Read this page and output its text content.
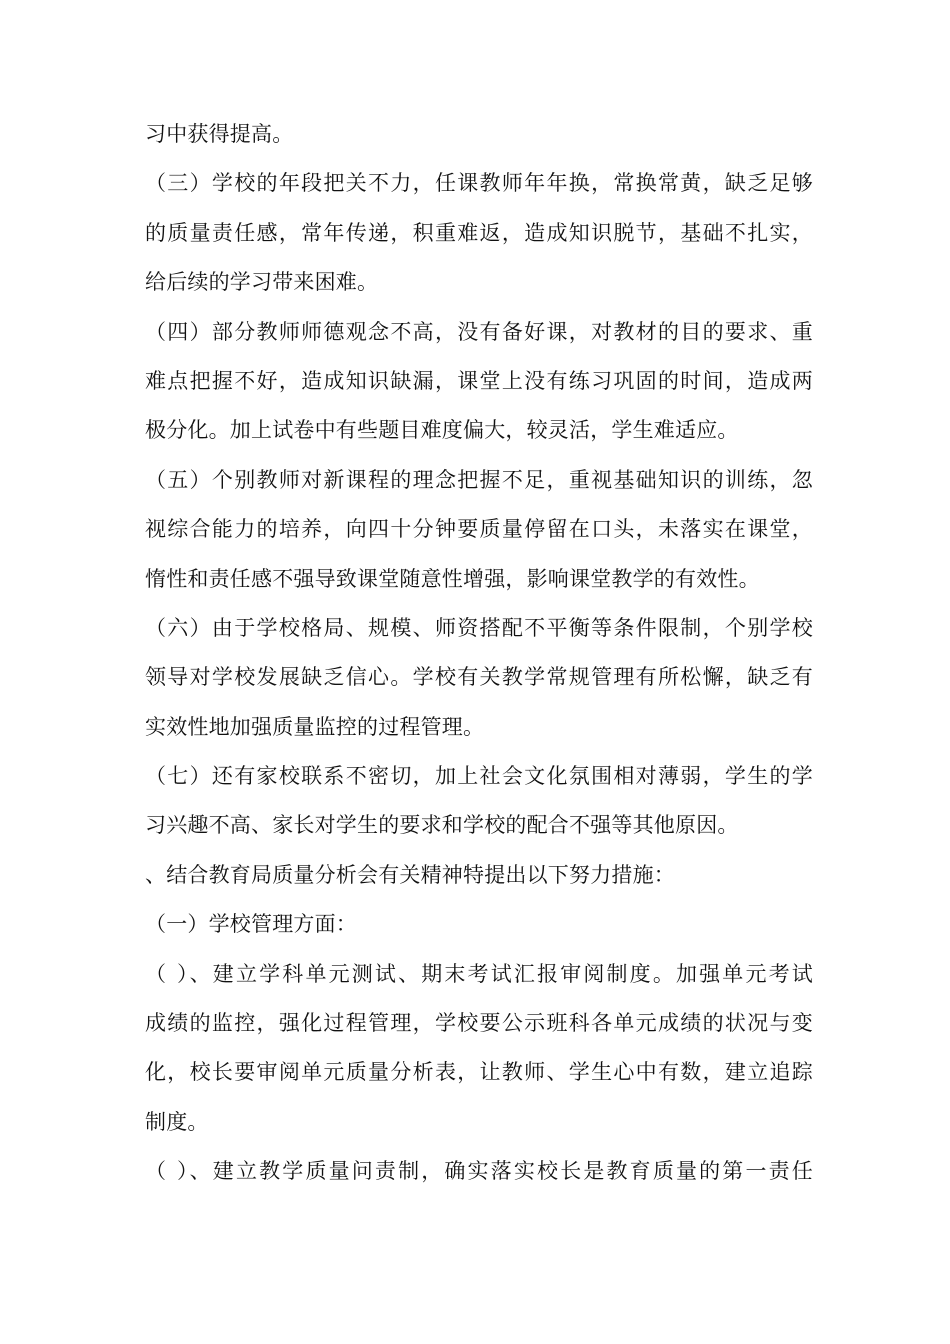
习中获得提高。
（三）学校的年段把关不力，任课教师年年换，常换常黄，缺乏足够
的质量责任感，常年传递，积重难返，造成知识脱节，基础不扎实，
给后续的学习带来困难。
（四）部分教师师德观念不高，没有备好课，对教材的目的要求、重
难点把握不好，造成知识缺漏，课堂上没有练习巩固的时间，造成两
极分化。加上试卷中有些题目难度偏大，较灵活，学生难适应。
（五）个别教师对新课程的理念把握不足，重视基础知识的训练，忽
视综合能力的培养，向四十分钟要质量停留在口头，未落实在课堂，
惰性和责任感不强导致课堂随意性增强，影响课堂教学的有效性。
（六）由于学校格局、规模、师资搭配不平衡等条件限制，个别学校
领导对学校发展缺乏信心。学校有关教学常规管理有所松懈，缺乏有
实效性地加强质量监控的过程管理。
（七）还有家校联系不密切，加上社会文化氛围相对薄弱，学生的学
习兴趣不高、家长对学生的要求和学校的配合不强等其他原因。
、结合教育局质量分析会有关精神特提出以下努力措施：
（一）学校管理方面：
（ ）、建立学科单元测试、期末考试汇报审阅制度。加强单元考试
成绩的监控，强化过程管理，学校要公示班科各单元成绩的状况与变
化，校长要审阅单元质量分析表，让教师、学生心中有数，建立追踪
制度。
（ ）、建立教学质量问责制，确实落实校长是教育质量的第一责任
